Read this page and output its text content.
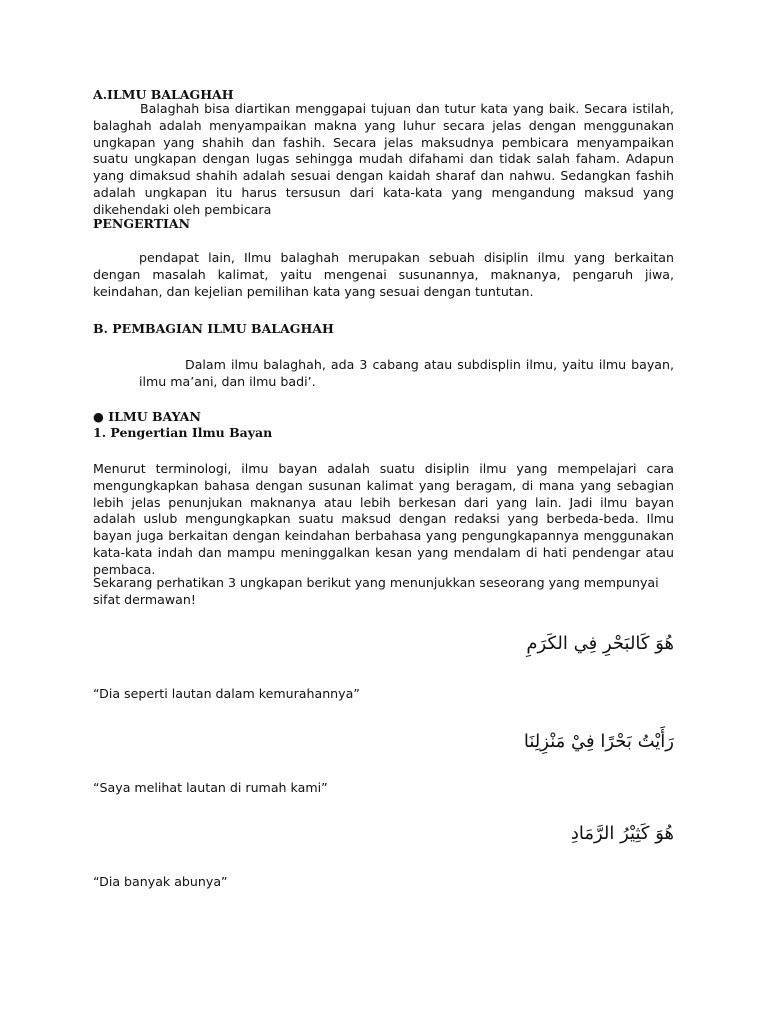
A.ILMU BALAGHAH

Balaghah bisa diartikan menggapai tujuan dan tutur kata yang baik. Secara istilah, balaghah adalah menyampaikan makna yang luhur secara jelas dengan menggunakan ungkapan yang shahih dan fashih. Secara jelas maksudnya pembicara menyampaikan suatu ungkapan dengan lugas sehingga mudah difahami dan tidak salah faham. Adapun yang dimaksud shahih adalah sesuai dengan kaidah sharaf dan nahwu. Sedangkan fashih adalah ungkapan itu harus tersusun dari kata-kata yang mengandung maksud yang dikehendaki oleh pembicara

PENGERTIAN

pendapat lain, Ilmu balaghah merupakan sebuah disiplin ilmu yang berkaitan dengan masalah kalimat, yaitu mengenai susunannya, maknanya, pengaruh jiwa, keindahan, dan kejelian pemilihan kata yang sesuai dengan tuntutan.

B. PEMBAGIAN ILMU BALAGHAH

Dalam ilmu balaghah, ada 3 cabang atau subdisplin ilmu, yaitu ilmu bayan, ilmu ma’ani, dan ilmu badi’.

● ILMU BAYAN
1. Pengertian Ilmu Bayan

Menurut terminologi, ilmu bayan adalah suatu disiplin ilmu yang mempelajari cara mengungkapkan bahasa dengan susunan kalimat yang beragam, di mana yang sebagian lebih jelas penunjukan maknanya atau lebih berkesan dari yang lain. Jadi ilmu bayan adalah uslub mengungkapkan suatu maksud dengan redaksi yang berbeda-beda. Ilmu bayan juga berkaitan dengan keindahan berbahasa yang pengungkapannya menggunakan kata-kata indah dan mampu meninggalkan kesan yang mendalam di hati pendengar atau pembaca.

Sekarang perhatikan 3 ungkapan berikut yang menunjukkan seseorang yang mempunyai sifat dermawan!

هُوَ كَالبَحْرِ فِي الكَرَمِ
“Dia seperti lautan dalam kemurahannya”
رَأَيْتُ بَحْرًا فِيْ مَنْزِلِنَا
“Saya melihat lautan di rumah kami”
هُوَ كَثِيْرُ الرَّمَادِ
“Dia banyak abunya”
